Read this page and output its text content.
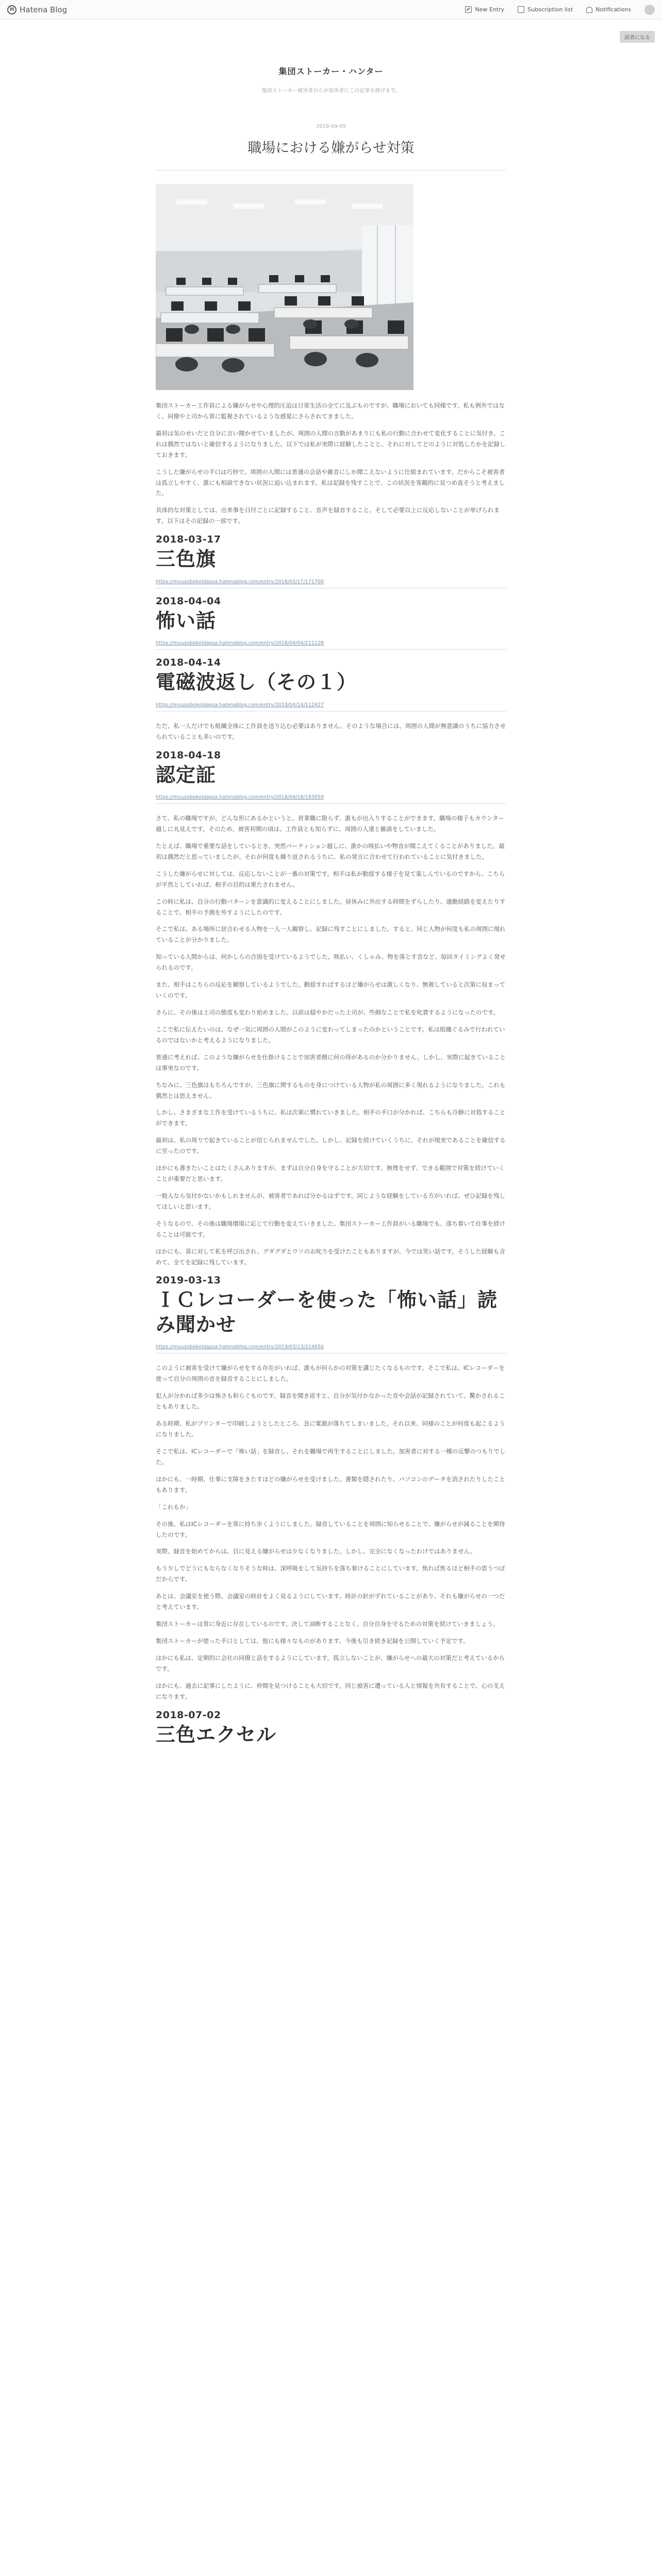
H Hatena Blog	New Entry	Subscription list	Notifications
読者になる
集団ストーカー・ハンター
集団ストーカー被害者自らが加害者にこの記事を捧げます。
2018-09-05
職場における嫌がらせ対策

集団ストーカー工作員による嫌がらせや心理的圧迫は日常生活の全てに及ぶものですが、職場においても同様です。私も例外ではなく、同僚や上司から常に監視されているような感覚にさらされてきました。

最初は気のせいだと自分に言い聞かせていましたが、周囲の人間の言動があまりにも私の行動に合わせて変化することに気付き、これは偶然ではないと確信するようになりました。以下では私が実際に経験したことと、それに対してどのように対処したかを記録しておきます。

こうした嫌がらせの手口は巧妙で、周囲の人間には普通の会話や雑音にしか聞こえないように仕組まれています。だからこそ被害者は孤立しやすく、誰にも相談できない状況に追い込まれます。私は記録を残すことで、この状況を客観的に見つめ直そうと考えました。

具体的な対策としては、出来事を日付ごとに記録すること、音声を録音すること、そして必要以上に反応しないことが挙げられます。以下はその記録の一部です。

2018-03-17
三色旗
https://muusobokoldapsa.hatenablog.com/entry/2018/03/17/171700
2018-04-04
怖い話
https://muusobokoldapsa.hatenablog.com/entry/2018/04/04/211128
2018-04-14
電磁波返し（その１）
https://muusobokoldapsa.hatenablog.com/entry/2018/04/14/112427

ただ、私一人だけでも組織全体に工作員を送り込む必要はありません。そのような場合には、周囲の人間が無意識のうちに協力させられていることも多いのです。

2018-04-18
認定証
https://muusobokoldapsa.hatenablog.com/entry/2018/04/18/183059

さて、私の職場ですが、どんな形にあるかというと、営業職に限らず、誰もが出入りすることができます。職場の様子もカウンター越しに丸見えです。そのため、被害初期の頃は、工作員とも知らずに、周囲の人達と雑談をしていました。

たとえば、職場で重要な話をしているとき、突然パーティション越しに、誰かの咳払いや物音が聞こえてくることがありました。最初は偶然だと思っていましたが、それが何度も繰り返されるうちに、私の発言に合わせて行われていることに気付きました。

こうした嫌がらせに対しては、反応しないことが一番の対策です。相手は私が動揺する様子を見て楽しんでいるのですから、こちらが平然としていれば、相手の目的は果たされません。

この時に私は、自分の行動パターンを意識的に変えることにしました。昼休みに外出する時間をずらしたり、通勤経路を変えたりすることで、相手の予測を外すようにしたのです。

そこで私は、ある場所に居合わせる人物を一人一人観察し、記録に残すことにしました。すると、同じ人物が何度も私の周囲に現れていることが分かりました。

知っている人間からは、何かしらの合図を受けているようでした。咳払い、くしゃみ、物を落とす音など、毎回タイミングよく発せられるのです。

また、相手はこちらの反応を観察しているようでした。動揺すればするほど嫌がらせは激しくなり、無視していると次第に収まっていくのです。

さらに、その後は上司の態度も変わり始めました。以前は穏やかだった上司が、些細なことで私を叱責するようになったのです。

ここで私に伝えたいのは、なぜ一気に周囲の人間がこのように変わってしまったのかということです。私は組織ぐるみで行われているのではないかと考えるようになりました。

普通に考えれば、このような嫌がらせを仕掛けることで加害者側に何の得があるのか分かりません。しかし、実際に起きていることは事実なのです。

ちなみに、三色旗はもちろんですが、三色旗に関するものを身につけている人物が私の周囲に多く現れるようになりました。これも偶然とは思えません。

しかし、さまざまな工作を受けているうちに、私は次第に慣れていきました。相手の手口が分かれば、こちらも冷静に対処することができます。

最初は、私の周りで起きていることが信じられませんでした。しかし、記録を続けていくうちに、それが現実であることを確信するに至ったのです。

ほかにも書きたいことはたくさんありますが、まずは自分自身を守ることが大切です。無理をせず、できる範囲で対策を続けていくことが重要だと思います。

一般人なら気付かないかもしれませんが、被害者であれば分かるはずです。同じような経験をしている方がいれば、ぜひ記録を残してほしいと思います。

そうなるので、その後は職場環境に応じて行動を変えていきました。集団ストーカー工作員がいる職場でも、落ち着いて仕事を続けることは可能です。

ほかにも、喜に対して私を呼び出され、グダグダとウソのお叱りを受けたこともありますが、今では笑い話です。そうした経験も含めて、全てを記録に残しています。

2019-03-13
ＩＣレコーダーを使った「怖い話」読み聞かせ
https://muusobokoldapsa.hatenablog.com/entry/2019/03/13/214650

このように被害を受けて嫌がらせをする存在がいれば、誰もが何らかの対策を講じたくなるものです。そこで私は、ICレコーダーを使って自分の周囲の音を録音することにしました。

犯人が分かれば多少は怖さも和らぐものです。録音を聞き返すと、自分が気付かなかった音や会話が記録されていて、驚かされることもありました。

ある時期、私がプリンターで印刷しようとしたところ、急に電源が落ちてしまいました。それ以来、同様のことが何度も起こるようになりました。

そこで私は、ICレコーダーで「怖い話」を録音し、それを職場で再生することにしました。加害者に対する一種の反撃のつもりでした。

ほかにも、一時期、仕事に支障をきたすほどの嫌がらせを受けました。書類を隠されたり、パソコンのデータを消されたりしたこともあります。

「これもか」

その後、私はICレコーダーを常に持ち歩くようにしました。録音していることを周囲に知らせることで、嫌がらせが減ることを期待したのです。

実際、録音を始めてからは、目に見える嫌がらせは少なくなりました。しかし、完全になくなったわけではありません。

もう少しでどうにもならなくなりそうな時は、深呼吸をして気持ちを落ち着けることにしています。焦れば焦るほど相手の思うつぼだからです。

あとは、会議室を使う際、会議室の時計をよく見るようにしています。時計の針がずれていることがあり、それも嫌がらせの一つだと考えています。

集団ストーカーは常に身近に存在しているのです。決して油断することなく、自分自身を守るための対策を続けていきましょう。

集団ストーカーが使った手口としては、他にも様々なものがあります。今後も引き続き記録を公開していく予定です。

ほかにも私は、定期的に会社の同僚と話をするようにしています。孤立しないことが、嫌がらせへの最大の対策だと考えているからです。

ほかにも、過去に記事にしたように、仲間を見つけることも大切です。同じ被害に遭っている人と情報を共有することで、心の支えになります。

2018-07-02
三色エクセル
